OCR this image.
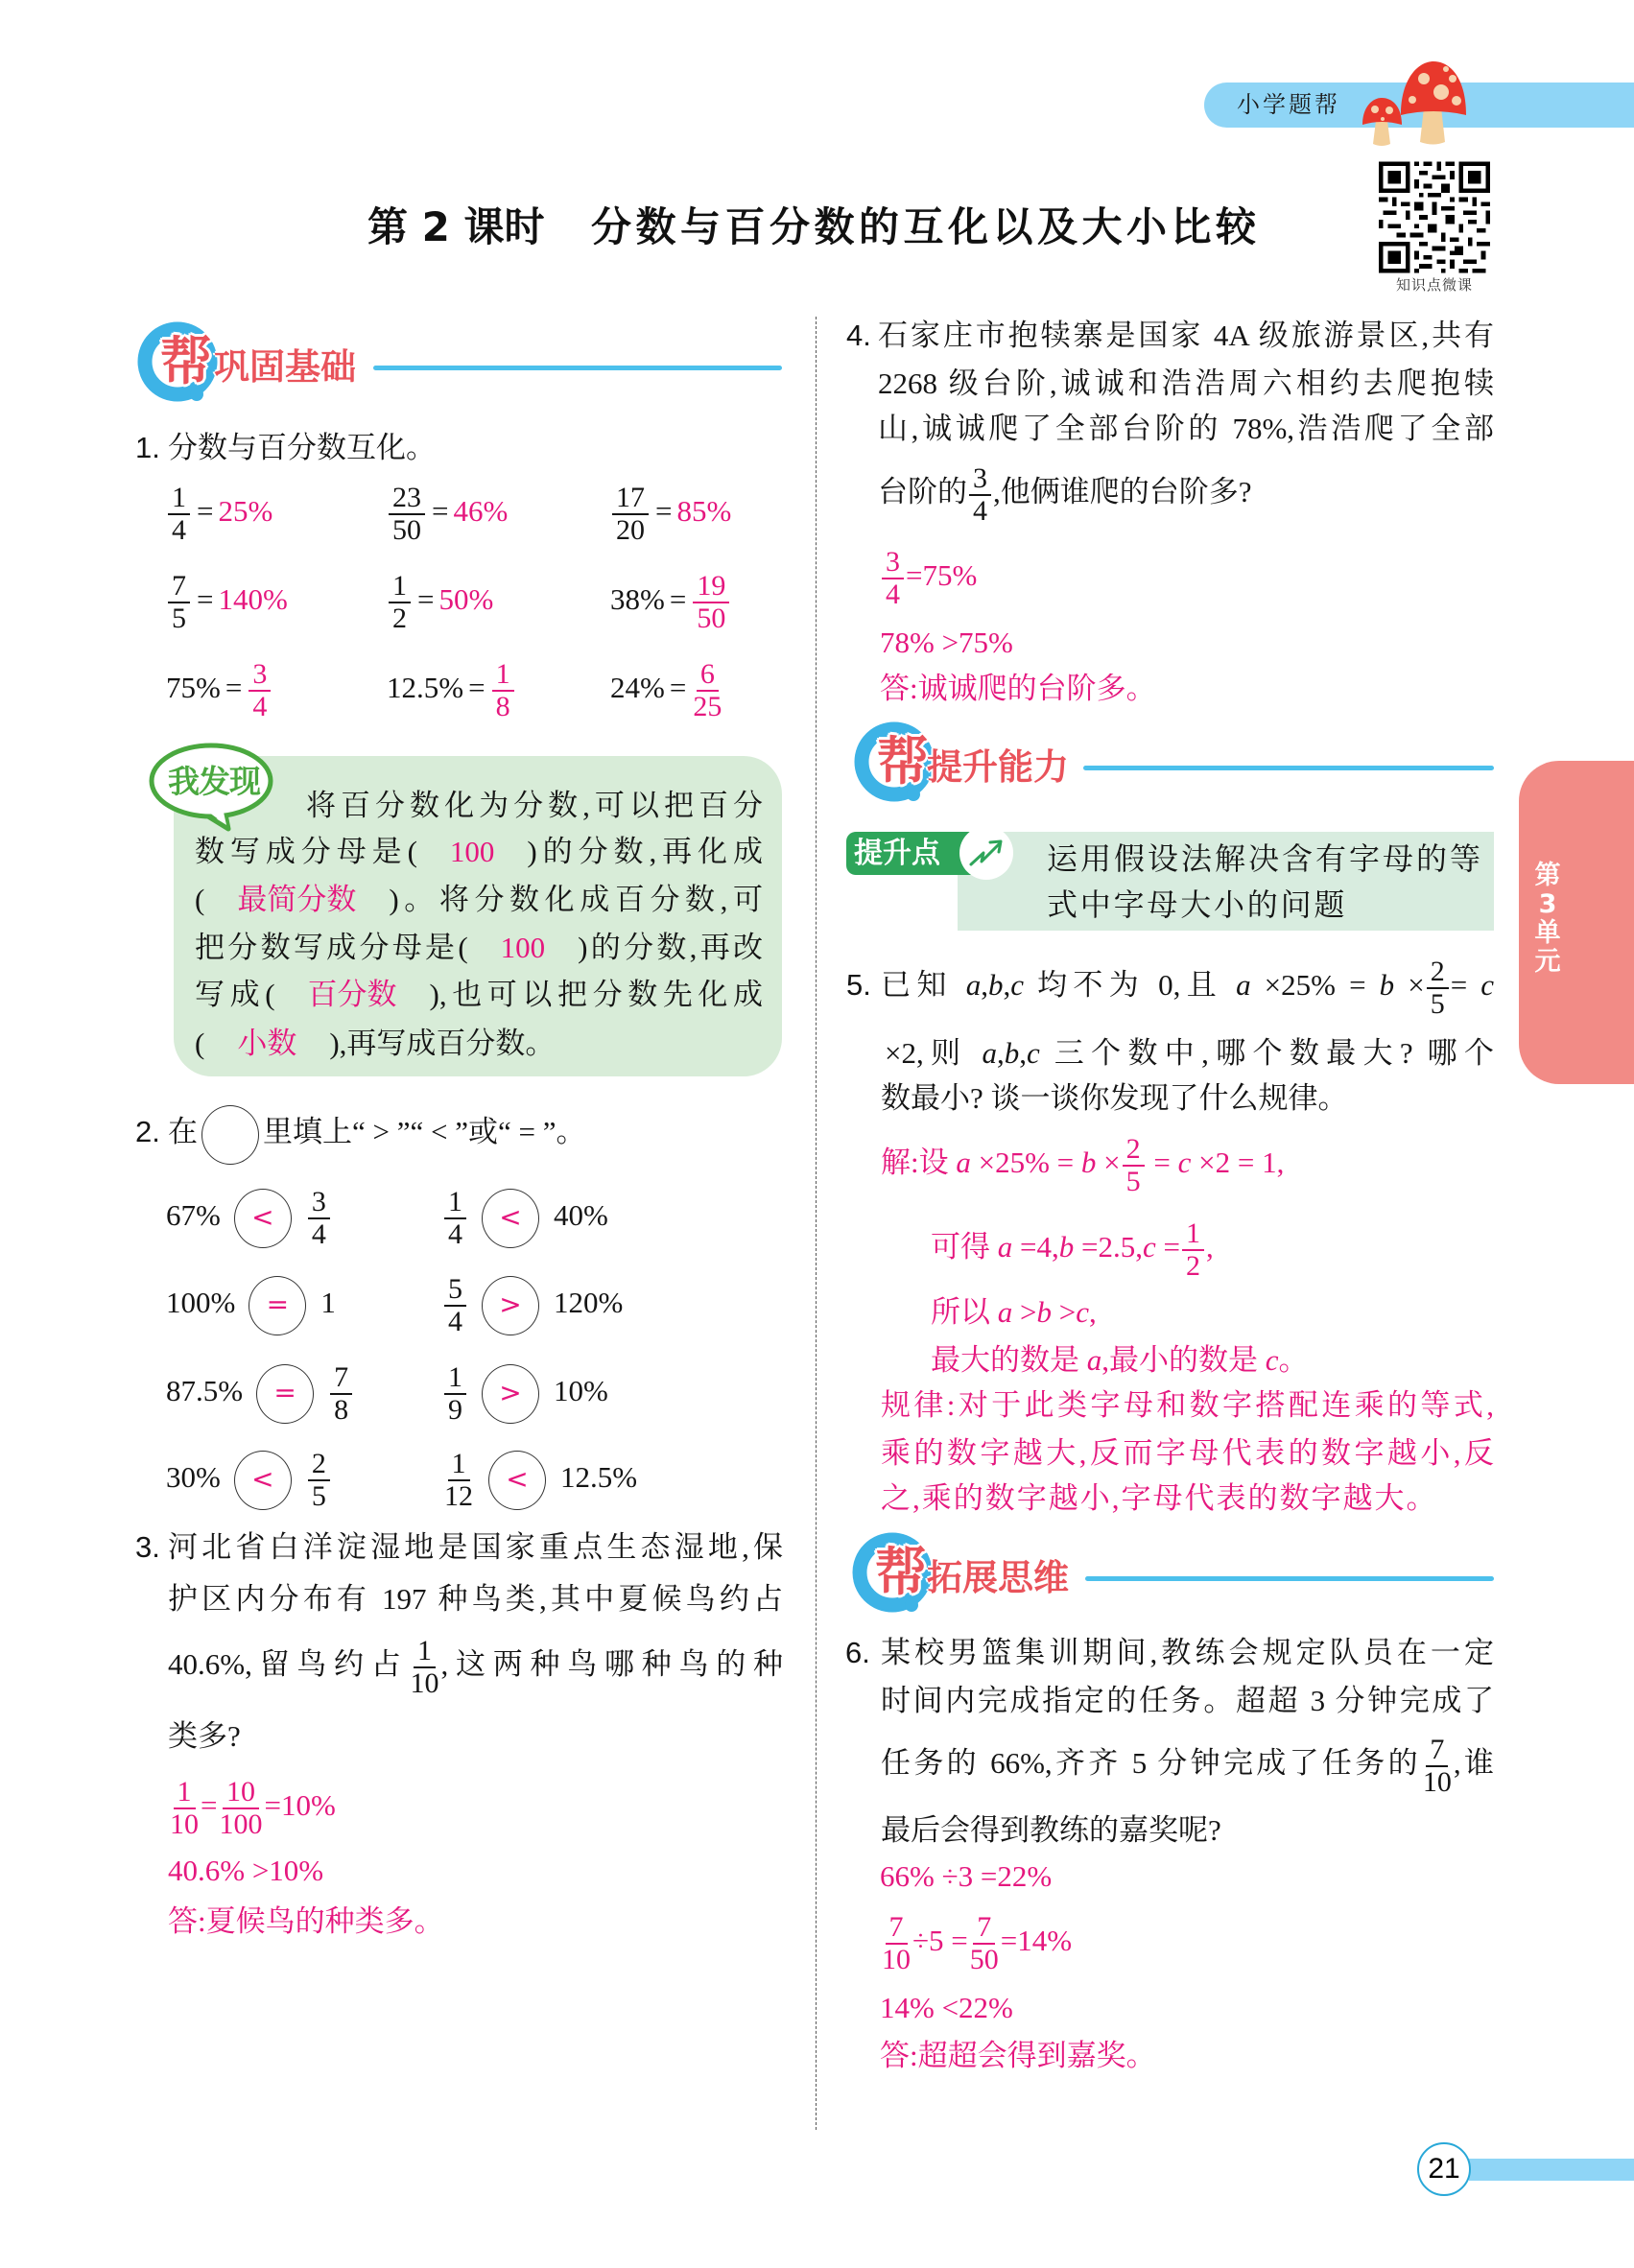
小学题帮
知识点微课
第 2 课时 分数与百分数的互化以及大小比较
帮 巩固基础
1. 分数与百分数互化。
$\frac{1}{4} = 25\%$	$\frac{23}{50} = 46\%$	$\frac{17}{20} = 85\%$
$\frac{7}{5} = 140\%$	$\frac{1}{2} = 50\%$	$38\% = \frac{19}{50}$
$75\% = \frac{3}{4}$	$12.5\% = \frac{1}{8}$	$24\% = \frac{6}{25}$
我发现
将百分数化为分数,可以把百分
数写成分母是( 100 )的分数,再化成
( 最简分数 )。将分数化成百分数,可
把分数写成分母是( 100 )的分数,再改
写成( 百分数 ),也可以把分数先化成
( 小数 ),再写成百分数。
2. 在 里填上“ > ”“ < ”或“ = ”。
$67\% < \frac{3}{4}$	$\frac{1}{4} < 40\%$
100% = 1	$\frac{5}{4} > 120\%$
$87.5\% = \frac{7}{8}$	$\frac{1}{9} > 10\%$
$30\% < \frac{2}{5}$	$\frac{1}{12} < 12.5\%$
3. 河北省白洋淀湿地是国家重点生态湿地,保
护区内分布有 197 种鸟类,其中夏候鸟约占
40.6%,留鸟约占 $\frac{1}{10}$ ,这两种鸟哪种鸟的种
类多?
$\frac{1}{10} = \frac{10}{100} =10\%$
40.6% >10%
答:夏候鸟的种类多。
4. 石家庄市抱犊寨是国家 4A 级旅游景区,共有
2268 级台阶,诚诚和浩浩周六相约去爬抱犊
山,诚诚爬了全部台阶的 78%,浩浩爬了全部
台阶的 $\frac{3}{4}$ ,他俩谁爬的台阶多?
$\frac{3}{4} =75\%$
78% >75%
答:诚诚爬的台阶多。
帮
提升能力
提升点	运用假设法解决含有字母的等
式中字母大小的问题
5. 已知 a,b,c 均不为 0,且 $a \times 25\% = b \times \frac{2}{5} = c$
×2,则 a,b,c 三个数中,哪个数最大? 哪个
数最小? 谈一谈你发现了什么规律。
解:设 $a \times 25\% = b \times \frac{2}{5} = c \times 2 = 1$,
可得 $a =4,b =2.5,c = \frac{1}{2}$ ,
所以 a >b >c,
最大的数是 a,最小的数是 c。
规律:对于此类字母和数字搭配连乘的等式,
乘的数字越大,反而字母代表的数字越小,反
之,乘的数字越小,字母代表的数字越大。
帮 拓展思维
6. 某校男篮集训期间,教练会规定队员在一定
时间内完成指定的任务。超超 3 分钟完成了
任务的 66%,齐齐 5 分钟完成了任务的 $\frac{7}{10}$ ,谁
最后会得到教练的嘉奖呢?
66% ÷3 =22%
$\frac{7}{10} \div 5 = \frac{7}{50} =14\%$
14% <22%
答:超超会得到嘉奖。
第
3
单
元
21
